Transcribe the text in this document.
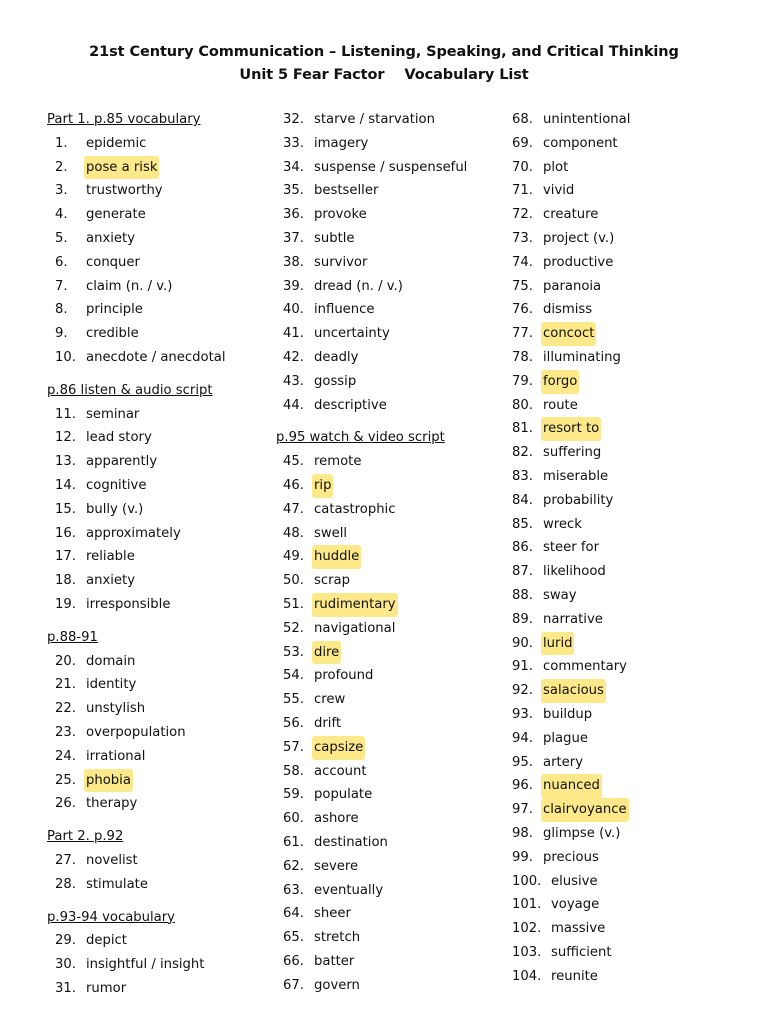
21st Century Communication – Listening, Speaking, and Critical Thinking
Unit 5 Fear Factor Vocabulary List
Part 1. p.85 vocabulary
1. epidemic
2. pose a risk
3. trustworthy
4. generate
5. anxiety
6. conquer
7. claim (n. / v.)
8. principle
9. credible
10. anecdote / anecdotal
p.86 listen & audio script
11. seminar
12. lead story
13. apparently
14. cognitive
15. bully (v.)
16. approximately
17. reliable
18. anxiety
19. irresponsible
p.88-91
20. domain
21. identity
22. unstylish
23. overpopulation
24. irrational
25. phobia
26. therapy
Part 2. p.92
27. novelist
28. stimulate
p.93-94 vocabulary
29. depict
30. insightful / insight
31. rumor
32. starve / starvation
33. imagery
34. suspense / suspenseful
35. bestseller
36. provoke
37. subtle
38. survivor
39. dread (n. / v.)
40. influence
41. uncertainty
42. deadly
43. gossip
44. descriptive
p.95 watch & video script
45. remote
46. rip
47. catastrophic
48. swell
49. huddle
50. scrap
51. rudimentary
52. navigational
53. dire
54. profound
55. crew
56. drift
57. capsize
58. account
59. populate
60. ashore
61. destination
62. severe
63. eventually
64. sheer
65. stretch
66. batter
67. govern
68. unintentional
69. component
70. plot
71. vivid
72. creature
73. project (v.)
74. productive
75. paranoia
76. dismiss
77. concoct
78. illuminating
79. forgo
80. route
81. resort to
82. suffering
83. miserable
84. probability
85. wreck
86. steer for
87. likelihood
88. sway
89. narrative
90. lurid
91. commentary
92. salacious
93. buildup
94. plague
95. artery
96. nuanced
97. clairvoyance
98. glimpse (v.)
99. precious
100. elusive
101. voyage
102. massive
103. sufficient
104. reunite
